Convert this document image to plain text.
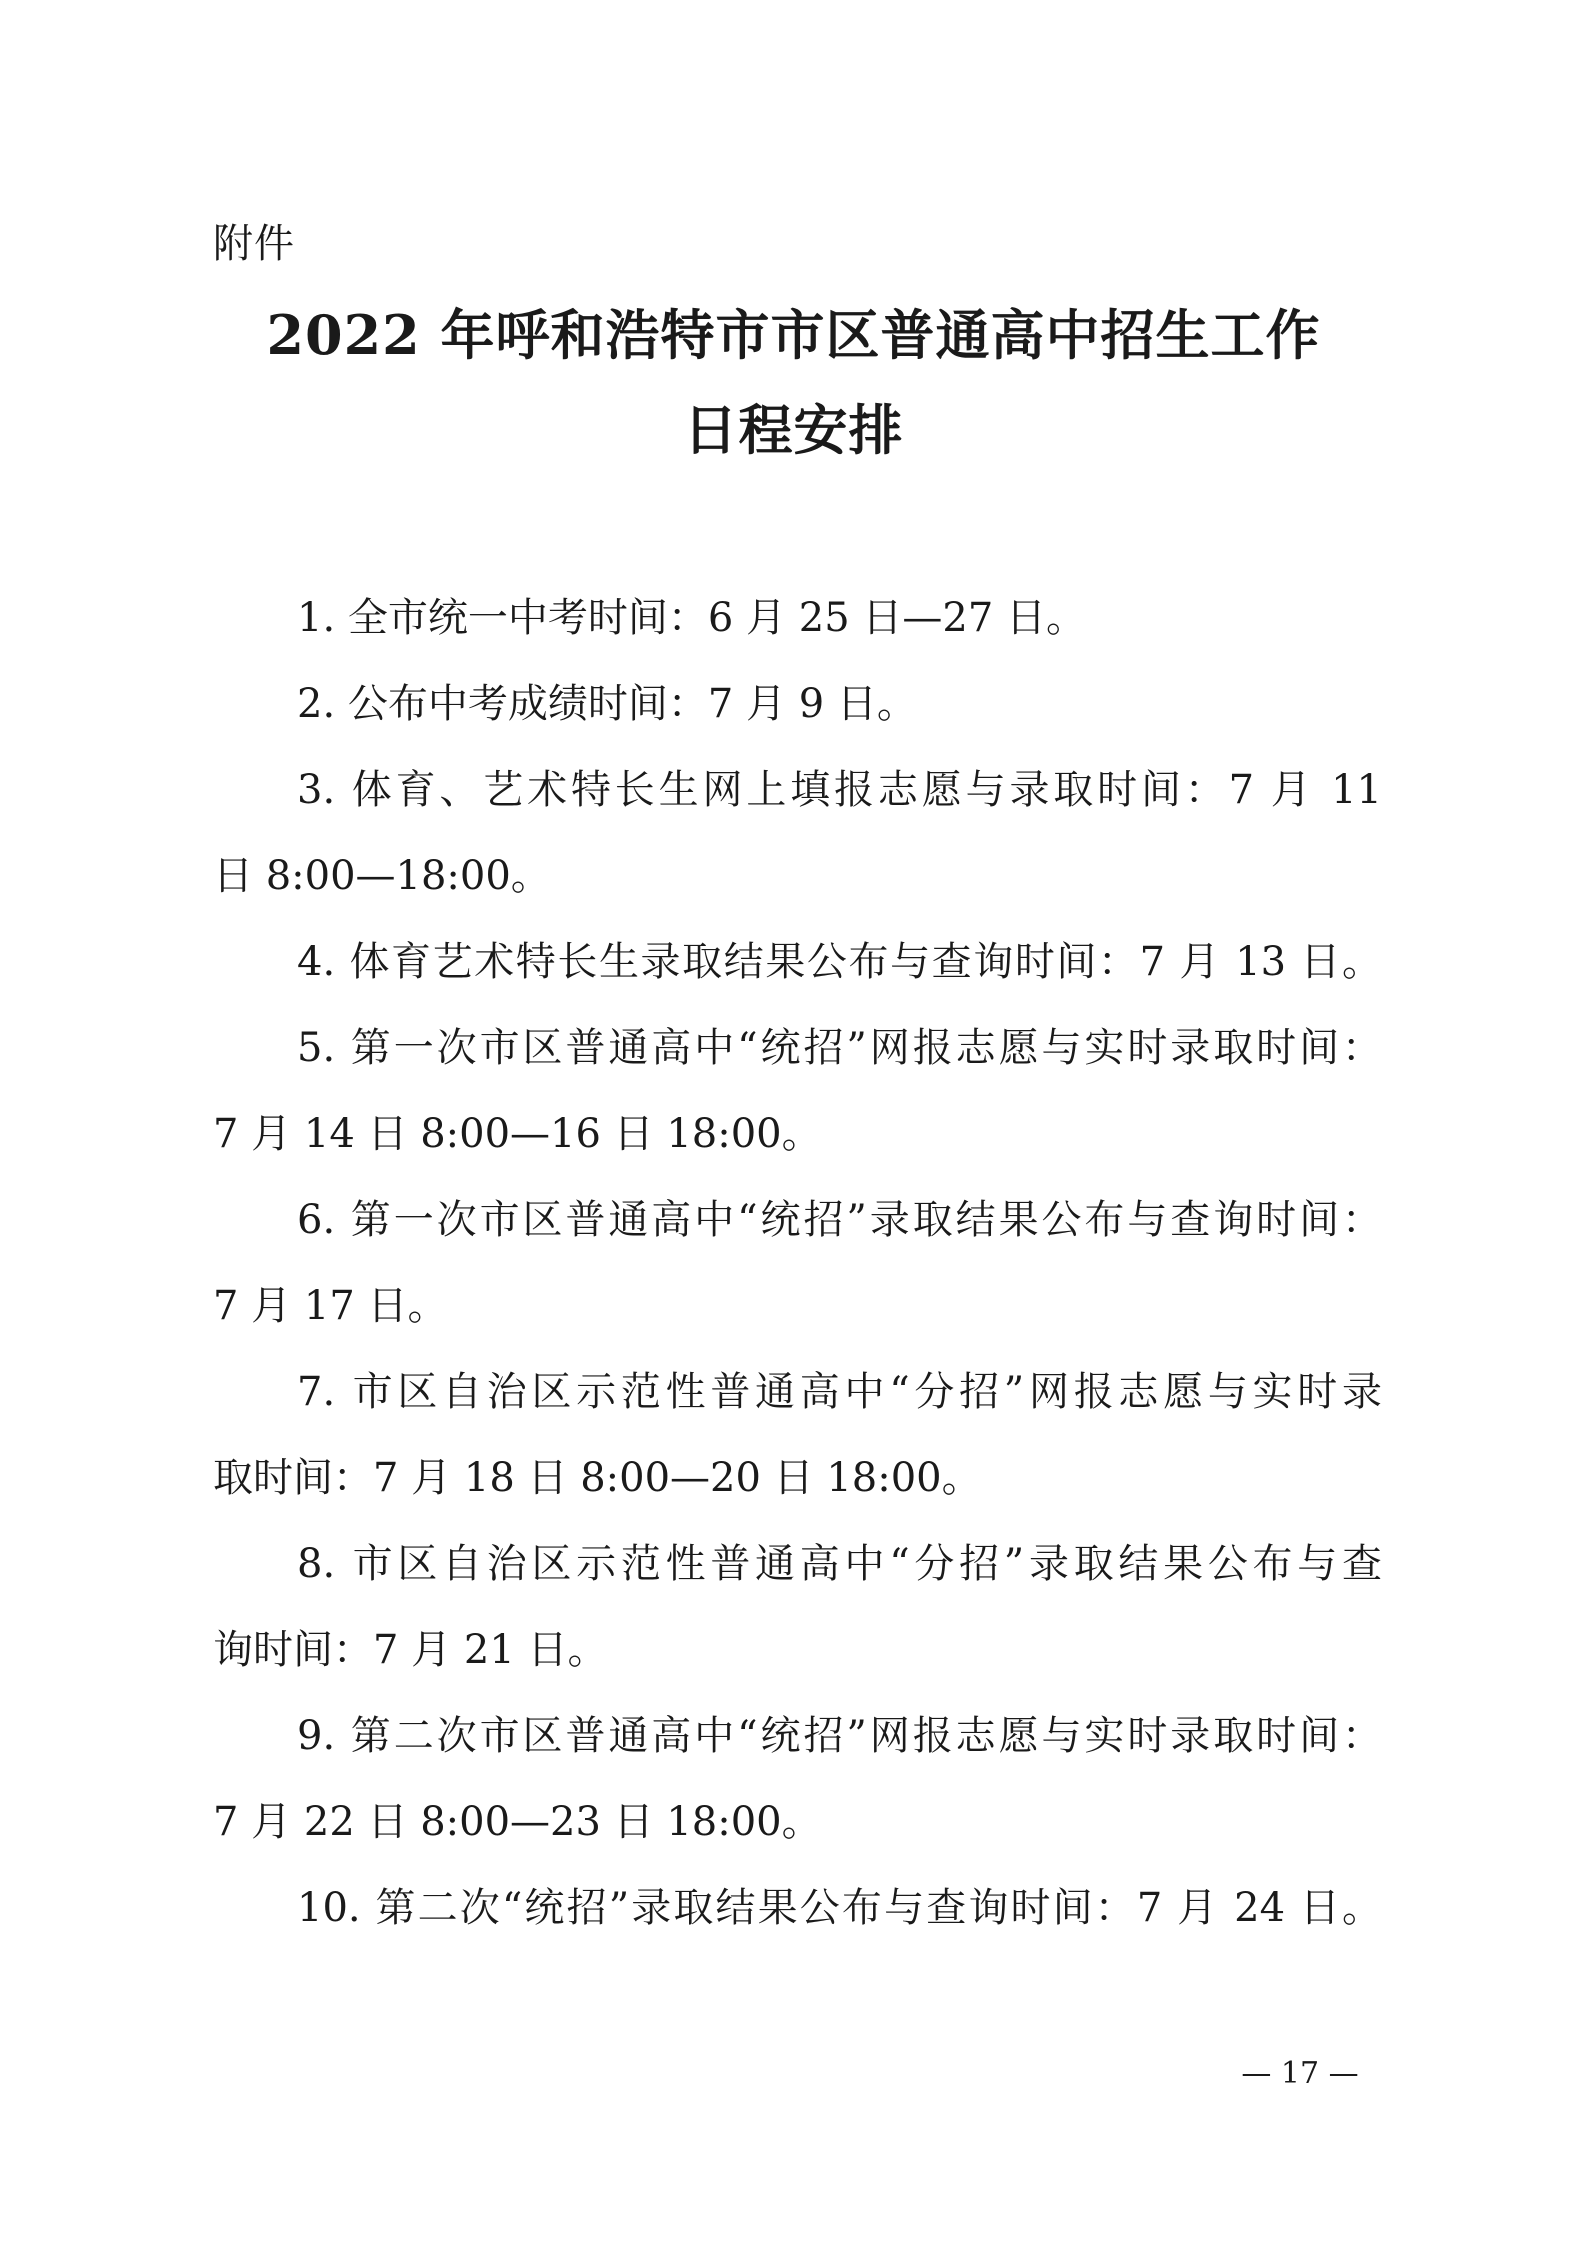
附件
2022 年呼和浩特市市区普通高中招生工作
日程安排
1. 全市统一中考时间：6 月 25 日—27 日。
2. 公布中考成绩时间：7 月 9 日。
3. 体育、艺术特长生网上填报志愿与录取时间：7 月 11
日 8:00—18:00。
4. 体育艺术特长生录取结果公布与查询时间：7 月 13 日。
5. 第一次市区普通高中“统招”网报志愿与实时录取时间：
7 月 14 日 8:00—16 日 18:00。
6. 第一次市区普通高中“统招”录取结果公布与查询时间：
7 月 17 日。
7. 市区自治区示范性普通高中“分招”网报志愿与实时录
取时间：7 月 18 日 8:00—20 日 18:00。
8. 市区自治区示范性普通高中“分招”录取结果公布与查
询时间：7 月 21 日。
9. 第二次市区普通高中“统招”网报志愿与实时录取时间：
7 月 22 日 8:00—23 日 18:00。
10. 第二次“统招”录取结果公布与查询时间：7 月 24 日。
— 17 —
